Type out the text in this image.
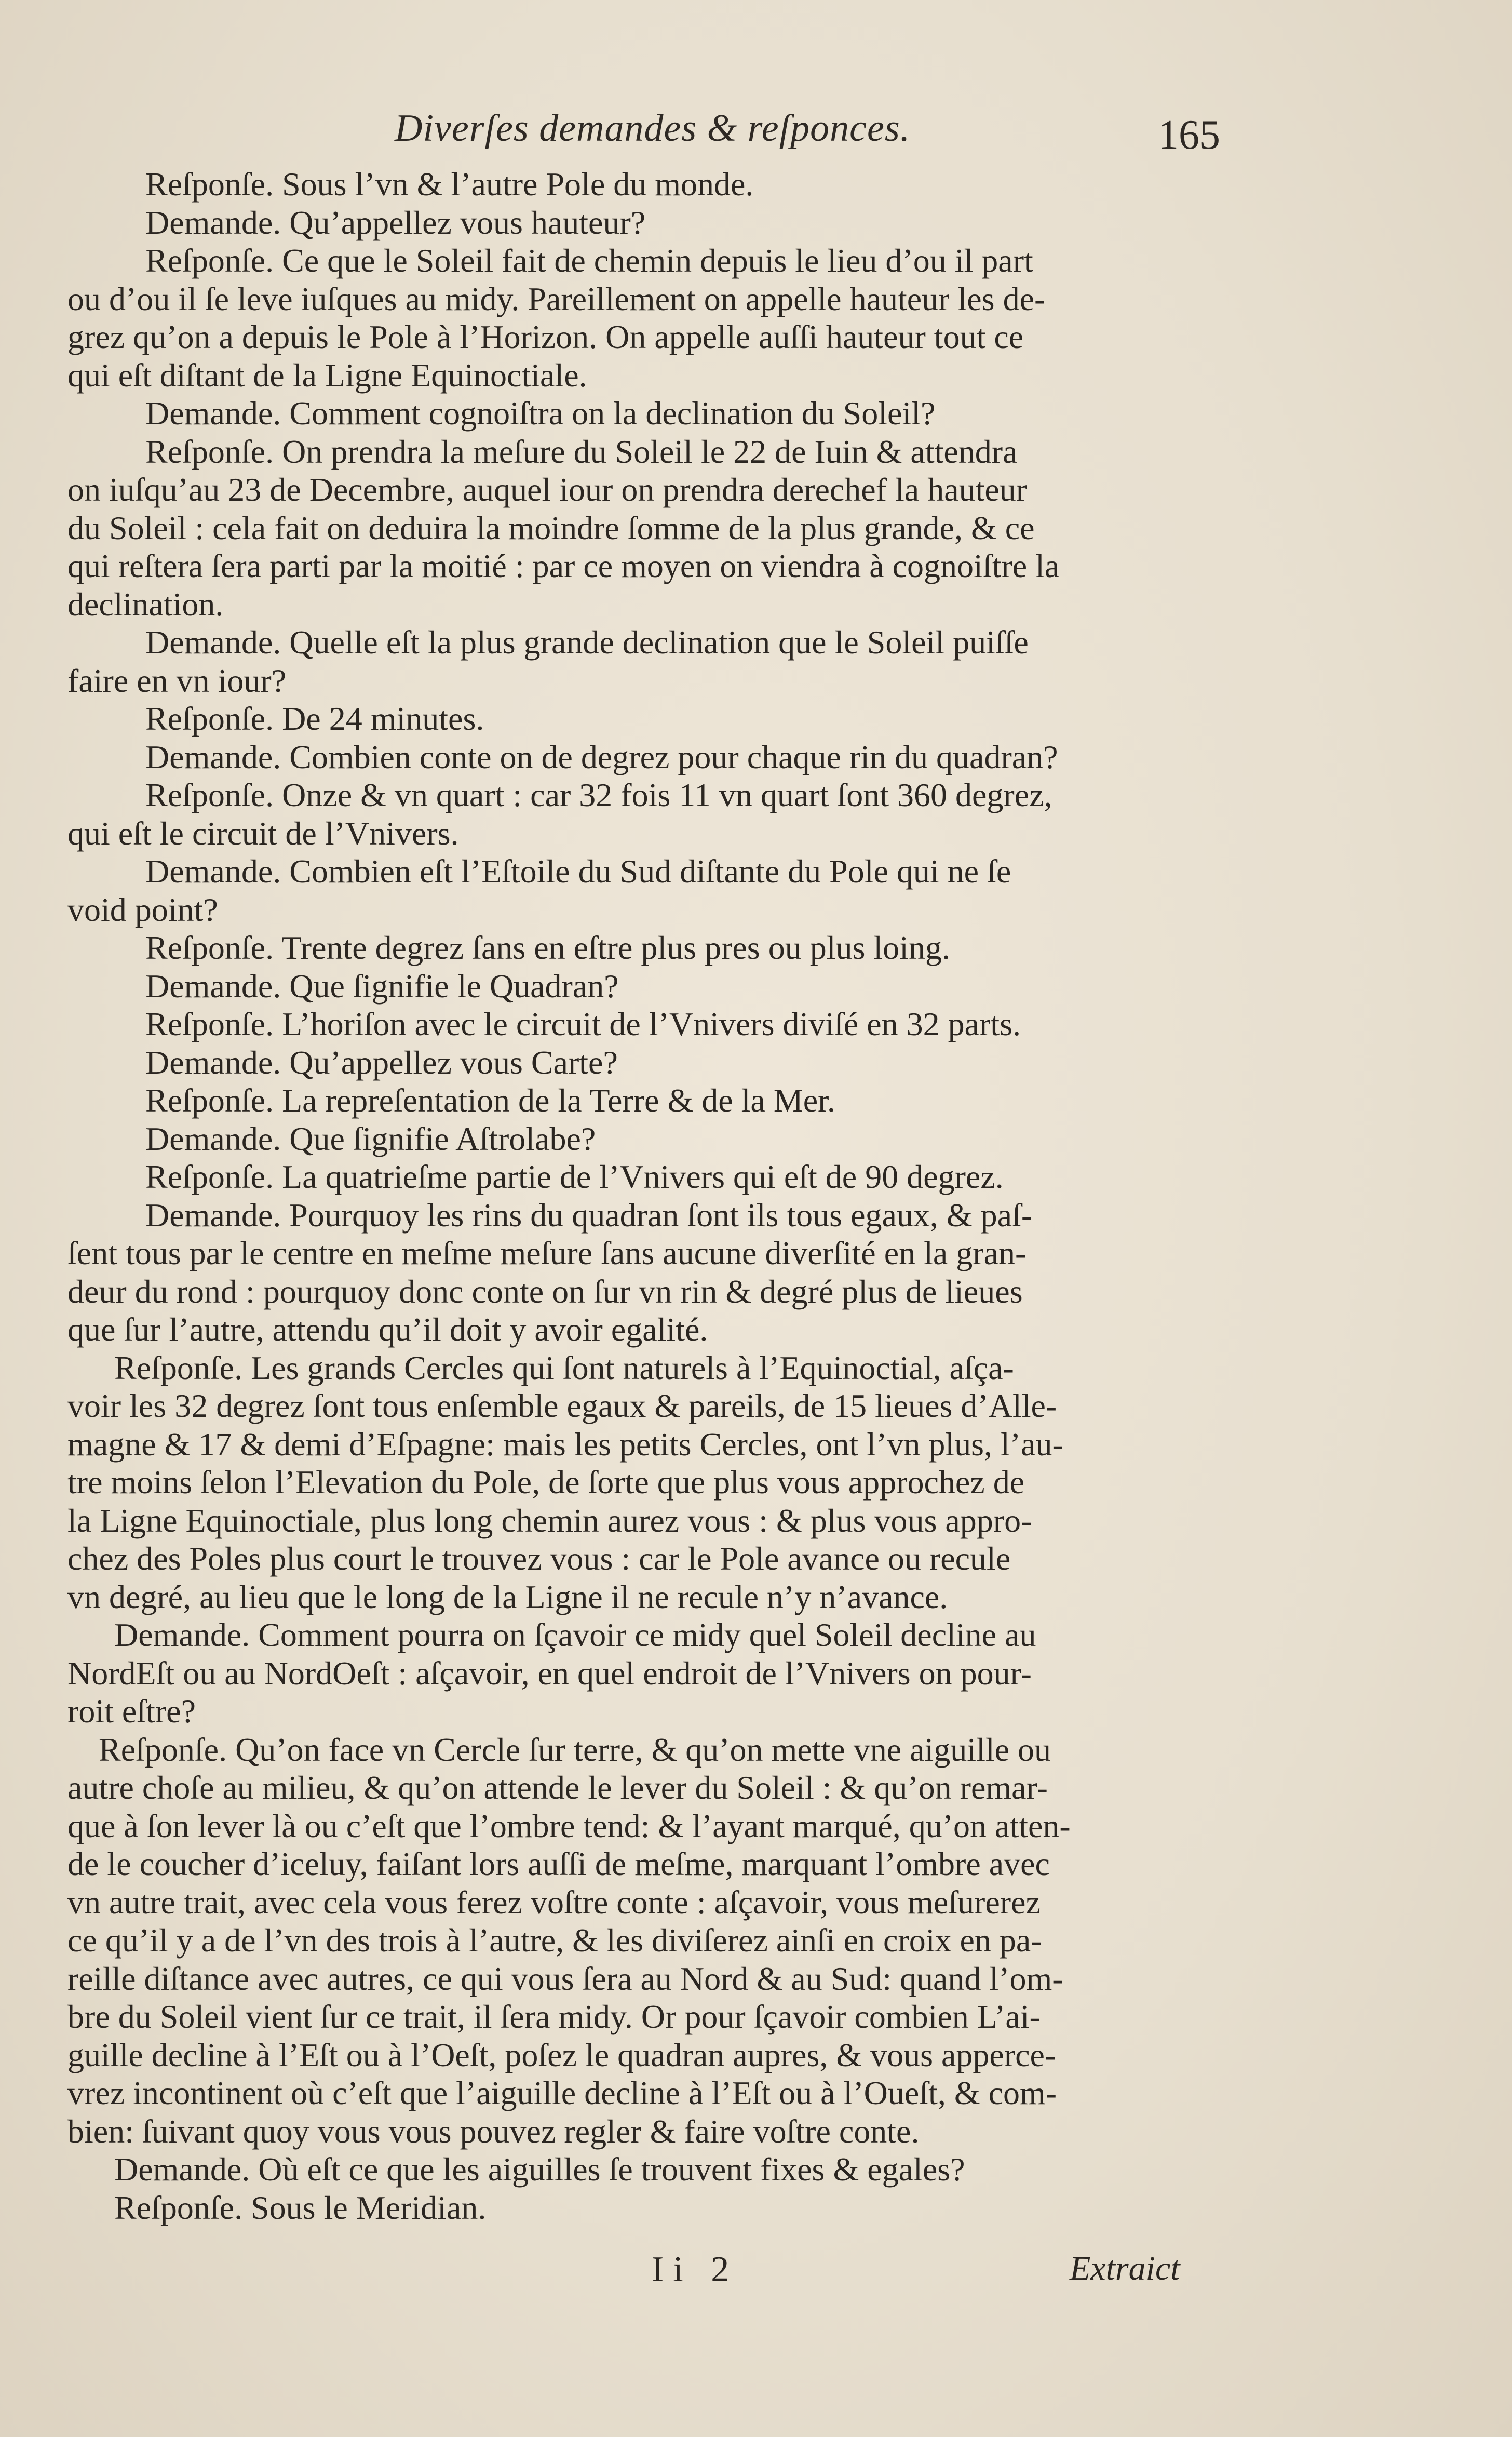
Diverſes demandes & reſponces.	165
Reſponſe. Sous l’vn & l’autre Pole du monde.
Demande. Qu’appellez vous hauteur?
Reſponſe. Ce que le Soleil fait de chemin depuis le lieu d’ou il part
ou d’ou il ſe leve iuſques au midy. Pareillement on appelle hauteur les de-
grez qu’on a depuis le Pole à l’Horizon. On appelle auſſi hauteur tout ce
qui eſt diſtant de la Ligne Equinoctiale.
Demande. Comment cognoiſtra on la declination du Soleil?
Reſponſe. On prendra la meſure du Soleil le 22 de Iuin & attendra
on iuſqu’au 23 de Decembre, auquel iour on prendra derechef la hauteur
du Soleil : cela fait on deduira la moindre ſomme de la plus grande, & ce
qui reſtera ſera parti par la moitié : par ce moyen on viendra à cognoiſtre la
declination.
Demande. Quelle eſt la plus grande declination que le Soleil puiſſe
faire en vn iour?
Reſponſe. De 24 minutes.
Demande. Combien conte on de degrez pour chaque rin du quadran?
Reſponſe. Onze & vn quart : car 32 fois 11 vn quart ſont 360 degrez,
qui eſt le circuit de l’Vnivers.
Demande. Combien eſt l’Eſtoile du Sud diſtante du Pole qui ne ſe
void point?
Reſponſe. Trente degrez ſans en eſtre plus pres ou plus loing.
Demande. Que ſignifie le Quadran?
Reſponſe. L’horiſon avec le circuit de l’Vnivers diviſé en 32 parts.
Demande. Qu’appellez vous Carte?
Reſponſe. La repreſentation de la Terre & de la Mer.
Demande. Que ſignifie Aſtrolabe?
Reſponſe. La quatrieſme partie de l’Vnivers qui eſt de 90 degrez.
Demande. Pourquoy les rins du quadran ſont ils tous egaux, & paſ-
ſent tous par le centre en meſme meſure ſans aucune diverſité en la gran-
deur du rond : pourquoy donc conte on ſur vn rin & degré plus de lieues
que ſur l’autre, attendu qu’il doit y avoir egalité.
Reſponſe. Les grands Cercles qui ſont naturels à l’Equinoctial, aſça-
voir les 32 degrez ſont tous enſemble egaux & pareils, de 15 lieues d’Alle-
magne & 17 & demi d’Eſpagne: mais les petits Cercles, ont l’vn plus, l’au-
tre moins ſelon l’Elevation du Pole, de ſorte que plus vous approchez de
la Ligne Equinoctiale, plus long chemin aurez vous : & plus vous appro-
chez des Poles plus court le trouvez vous : car le Pole avance ou recule
vn degré, au lieu que le long de la Ligne il ne recule n’y n’avance.
Demande. Comment pourra on ſçavoir ce midy quel Soleil decline au
NordEſt ou au NordOeſt : aſçavoir, en quel endroit de l’Vnivers on pour-
roit eſtre?
Reſponſe. Qu’on face vn Cercle ſur terre, & qu’on mette vne aiguille ou
autre choſe au milieu, & qu’on attende le lever du Soleil : & qu’on remar-
que à ſon lever là ou c’eſt que l’ombre tend: & l’ayant marqué, qu’on atten-
de le coucher d’iceluy, faiſant lors auſſi de meſme, marquant l’ombre avec
vn autre trait, avec cela vous ferez voſtre conte : aſçavoir, vous meſurerez
ce qu’il y a de l’vn des trois à l’autre, & les diviſerez ainſi en croix en pa-
reille diſtance avec autres, ce qui vous ſera au Nord & au Sud: quand l’om-
bre du Soleil vient ſur ce trait, il ſera midy. Or pour ſçavoir combien L’ai-
guille decline à l’Eſt ou à l’Oeſt, poſez le quadran aupres, & vous apperce-
vrez incontinent où c’eſt que l’aiguille decline à l’Eſt ou à l’Oueſt, & com-
bien: ſuivant quoy vous vous pouvez regler & faire voſtre conte.
Demande. Où eſt ce que les aiguilles ſe trouvent fixes & egales?
Reſponſe. Sous le Meridian.
Ii 2	Extraict
